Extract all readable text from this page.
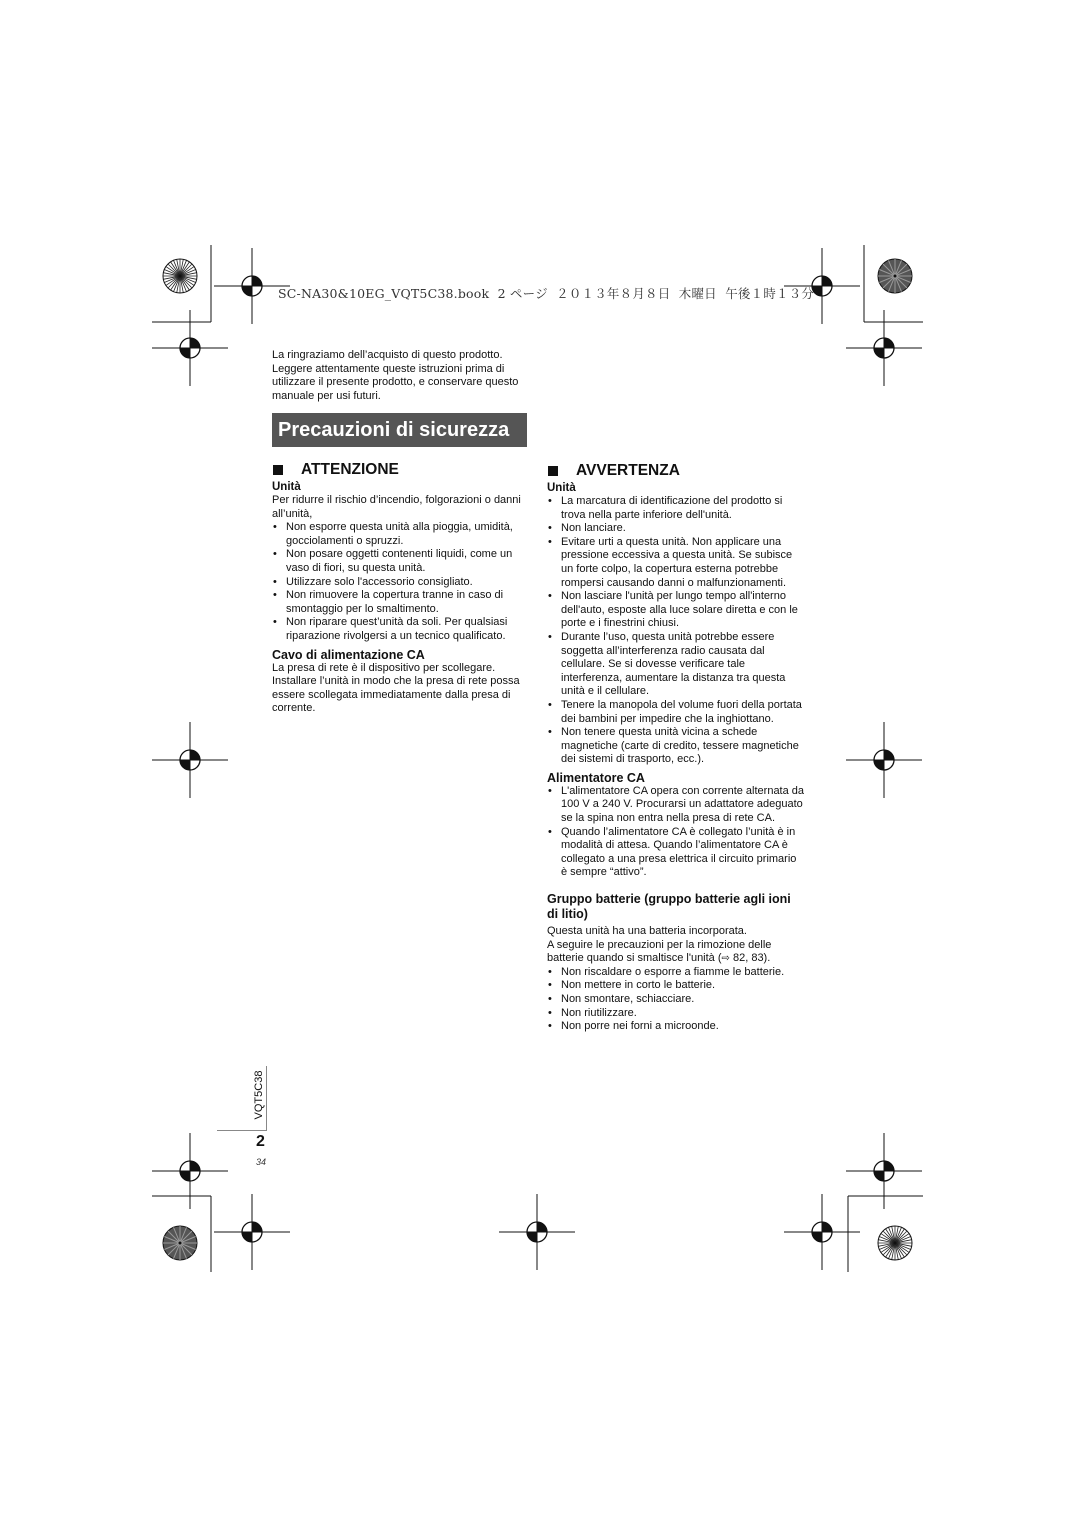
SC-NA30&10EG_VQT5C38.book  2 ページ  ２０１３年８月８日  木曜日  午後１時１３分
La ringraziamo dell’acquisto di questo prodotto. Leggere attentamente queste istruzioni prima di utilizzare il presente prodotto, e conservare questo manuale per usi futuri.
Precauzioni di sicurezza
ATTENZIONE

Unità

Per ridurre il rischio d’incendio, folgorazioni o danni all’unità,

• Non esporre questa unità alla pioggia, umidità, gocciolamenti o spruzzi.
• Non posare oggetti contenenti liquidi, come un vaso di fiori, su questa unità.
• Utilizzare solo l'accessorio consigliato.
• Non rimuovere la copertura tranne in caso di smontaggio per lo smaltimento.
• Non riparare quest’unità da soli. Per qualsiasi riparazione rivolgersi a un tecnico qualificato.

Cavo di alimentazione CA

La presa di rete è il dispositivo per scollegare. Installare l’unità in modo che la presa di rete possa essere scollegata immediatamente dalla presa di corrente.

AVVERTENZA

Unità

• La marcatura di identificazione del prodotto si trova nella parte inferiore dell'unità.
• Non lanciare.
• Evitare urti a questa unità. Non applicare una pressione eccessiva a questa unità. Se subisce un forte colpo, la copertura esterna potrebbe rompersi causando danni o malfunzionamenti.
• Non lasciare l'unità per lungo tempo all'interno dell'auto, esposte alla luce solare diretta e con le porte e i finestrini chiusi.
• Durante l’uso, questa unità potrebbe essere soggetta all’interferenza radio causata dal cellulare. Se si dovesse verificare tale interferenza, aumentare la distanza tra questa unità e il cellulare.
• Tenere la manopola del volume fuori della portata dei bambini per impedire che la inghiottano.
• Non tenere questa unità vicina a schede magnetiche (carte di credito, tessere magnetiche dei sistemi di trasporto, ecc.).

Alimentatore CA

• L'alimentatore CA opera con corrente alternata da 100 V a 240 V. Procurarsi un adattatore adeguato se la spina non entra nella presa di rete CA.
• Quando l’alimentatore CA è collegato l’unità è in modalità di attesa. Quando l’alimentatore CA è collegato a una presa elettrica il circuito primario è sempre “attivo”.

Gruppo batterie (gruppo batterie agli ioni di litio)

Questa unità ha una batteria incorporata.

A seguire le precauzioni per la rimozione delle batterie quando si smaltisce l'unità (⇨ 82, 83).

• Non riscaldare o esporre a fiamme le batterie.
• Non mettere in corto le batterie.
• Non smontare, schiacciare.
• Non riutilizzare.
• Non porre nei forni a microonde.
VQT5C38
2
34
